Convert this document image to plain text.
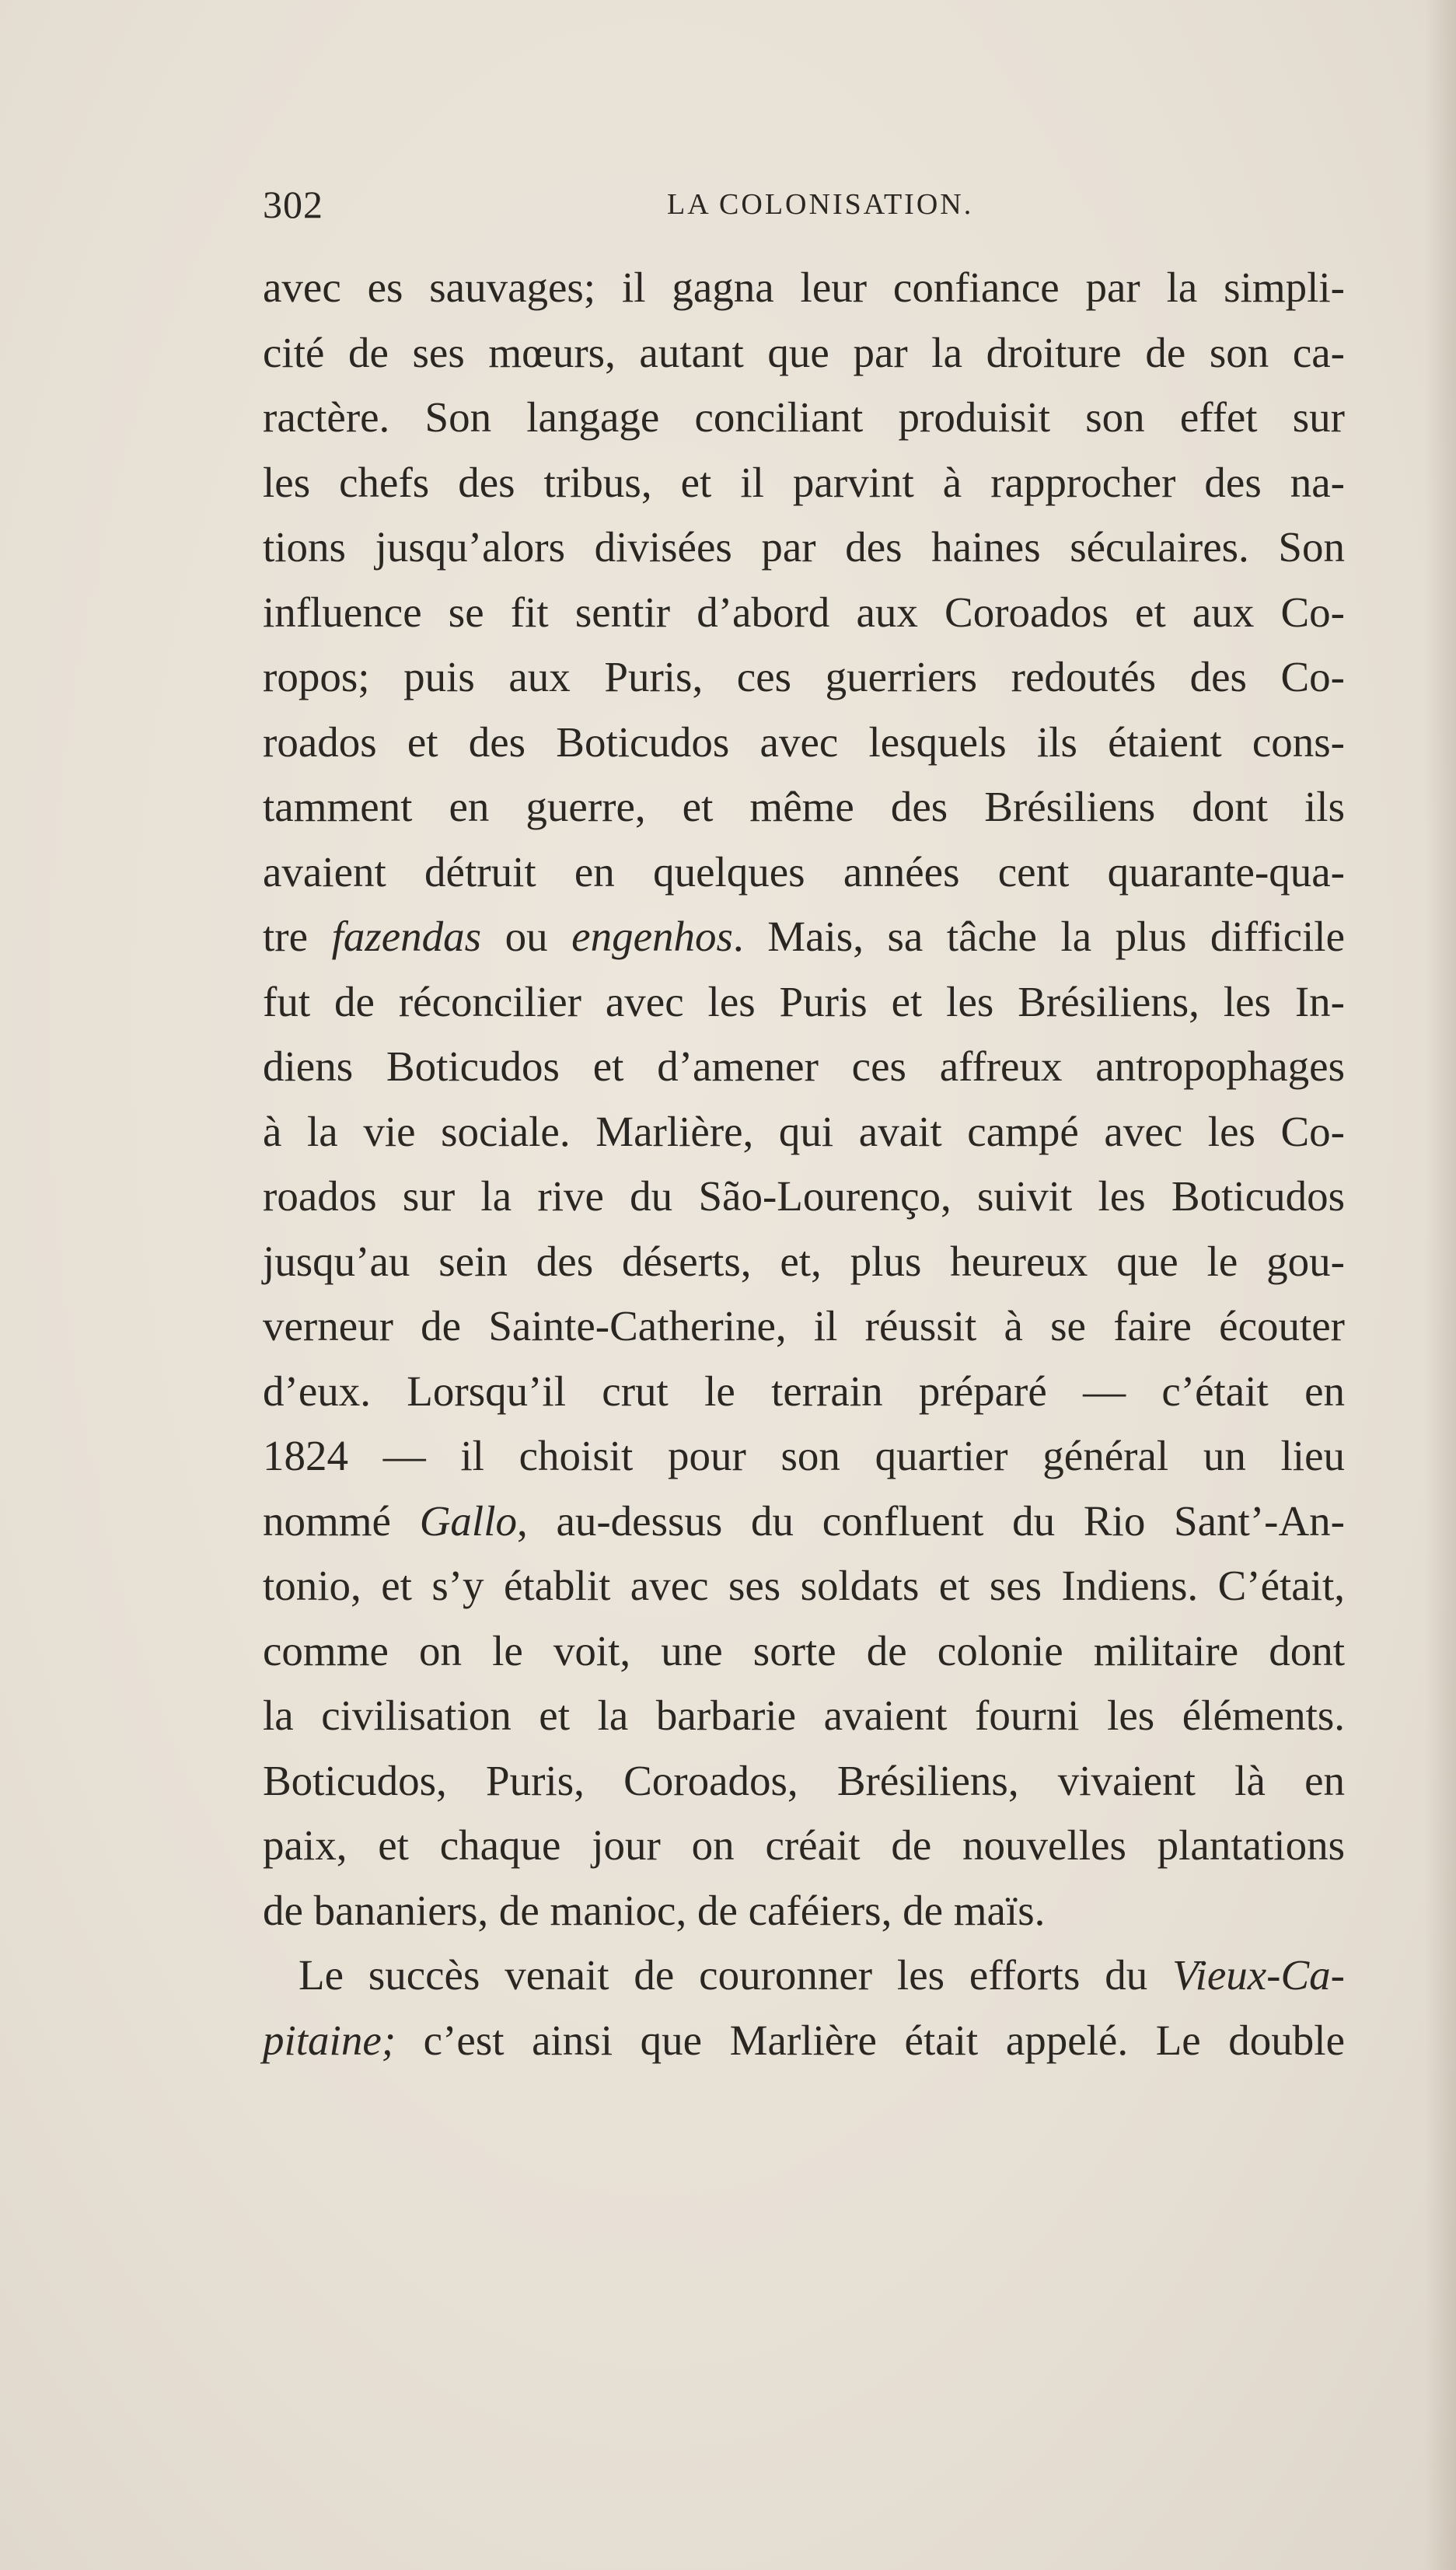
302	LA COLONISATION.
avec es sauvages; il gagna leur confiance par la simpli-
cité de ses mœurs, autant que par la droiture de son ca-
ractère. Son langage conciliant produisit son effet sur
les chefs des tribus, et il parvint à rapprocher des na-
tions jusqu’alors divisées par des haines séculaires. Son
influence se fit sentir d’abord aux Coroados et aux Co-
ropos; puis aux Puris, ces guerriers redoutés des Co-
roados et des Boticudos avec lesquels ils étaient cons-
tamment en guerre, et même des Brésiliens dont ils
avaient détruit en quelques années cent quarante-qua-
tre fazendas ou engenhos. Mais, sa tâche la plus difficile
fut de réconcilier avec les Puris et les Brésiliens, les In-
diens Boticudos et d’amener ces affreux antropophages
à la vie sociale. Marlière, qui avait campé avec les Co-
roados sur la rive du São-Lourenço, suivit les Boticudos
jusqu’au sein des déserts, et, plus heureux que le gou-
verneur de Sainte-Catherine, il réussit à se faire écouter
d’eux. Lorsqu’il crut le terrain préparé — c’était en
1824 — il choisit pour son quartier général un lieu
nommé Gallo, au-dessus du confluent du Rio Sant’-An-
tonio, et s’y établit avec ses soldats et ses Indiens. C’était,
comme on le voit, une sorte de colonie militaire dont
la civilisation et la barbarie avaient fourni les éléments.
Boticudos, Puris, Coroados, Brésiliens, vivaient là en
paix, et chaque jour on créait de nouvelles plantations
de bananiers, de manioc, de caféiers, de maïs.
Le succès venait de couronner les efforts du Vieux-Ca-
pitaine; c’est ainsi que Marlière était appelé. Le double
